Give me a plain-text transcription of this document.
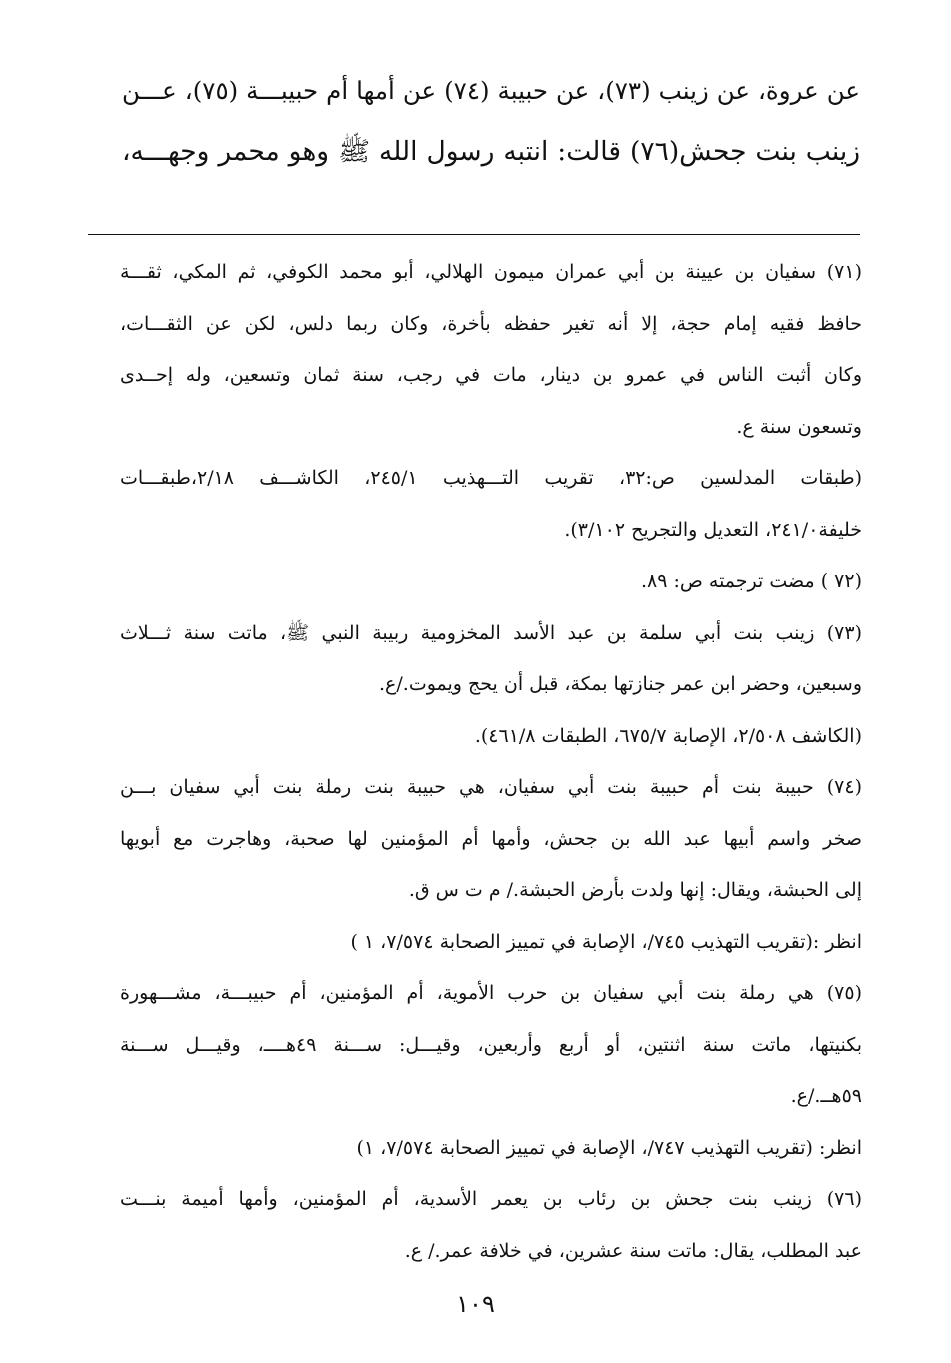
عن عروة، عن زينب (٧٣)، عن حبيبة (٧٤) عن أمها أم حبيبـــة (٧٥)، عـــن

زينب بنت جحش(٧٦) قالت: انتبه رسول الله ﷺ وهو محمر وجهـــه،

(٧١) سفيان بن عيينة بن أبي عمران ميمون الهلالي، أبو محمد الكوفي، ثم المكي، ثقـــة

حافظ فقيه إمام حجة، إلا أنه تغير حفظه بأخرة، وكان ربما دلس، لكن عن الثقـــات،

وكان أثبت الناس في عمرو بن دينار، مات في رجب، سنة ثمان وتسعين، وله إحــدى

وتسعون سنة ع.

(طبقات المدلسين ص:٣٢، تقريب التـــهذيب ٢٤٥/١، الكاشـــف ٢/١٨،طبقـــات

خليفة٢٤١/٠، التعديل والتجريح ٣/١٠٢).

(٧٢ ) مضت ترجمته ص: ٨٩.

(٧٣) زينب بنت أبي سلمة بن عبد الأسد المخزومية ربيبة النبي ﷺ، ماتت سنة ثـــلاث

وسبعين، وحضر ابن عمر جنازتها بمكة، قبل أن يحج ويموت./ع.

(الكاشف ٢/٥٠٨، الإصابة ٦٧٥/٧، الطبقات ٤٦١/٨).

(٧٤) حبيبة بنت أم حبيبة بنت أبي سفيان، هي حبيبة بنت رملة بنت أبي سفيان بـــن

صخر واسم أبيها عبد الله بن جحش، وأمها أم المؤمنين لها صحبة، وهاجرت مع أبويها

إلى الحبشة، ويقال: إنها ولدت بأرض الحبشة./ م ت س ق.

انظر :(تقريب التهذيب ٧٤٥/، الإصابة في تمييز الصحابة ٧/٥٧٤، ١ )

(٧٥) هي رملة بنت أبي سفيان بن حرب الأموية، أم المؤمنين، أم حبيبـــة، مشـــهورة

بكنيتها، ماتت سنة اثنتين، أو أربع وأربعين، وقيـــل: ســـنة ٤٩هــــ، وقيـــل ســـنة

٥٩هــ./ع.

انظر: (تقريب التهذيب ٧٤٧/، الإصابة في تمييز الصحابة ٧/٥٧٤، ١)

(٧٦) زينب بنت جحش بن رئاب بن يعمر الأسدية، أم المؤمنين، وأمها أميمة بنـــت

عبد المطلب، يقال: ماتت سنة عشرين، في خلافة عمر./ ع.

١٠٩
